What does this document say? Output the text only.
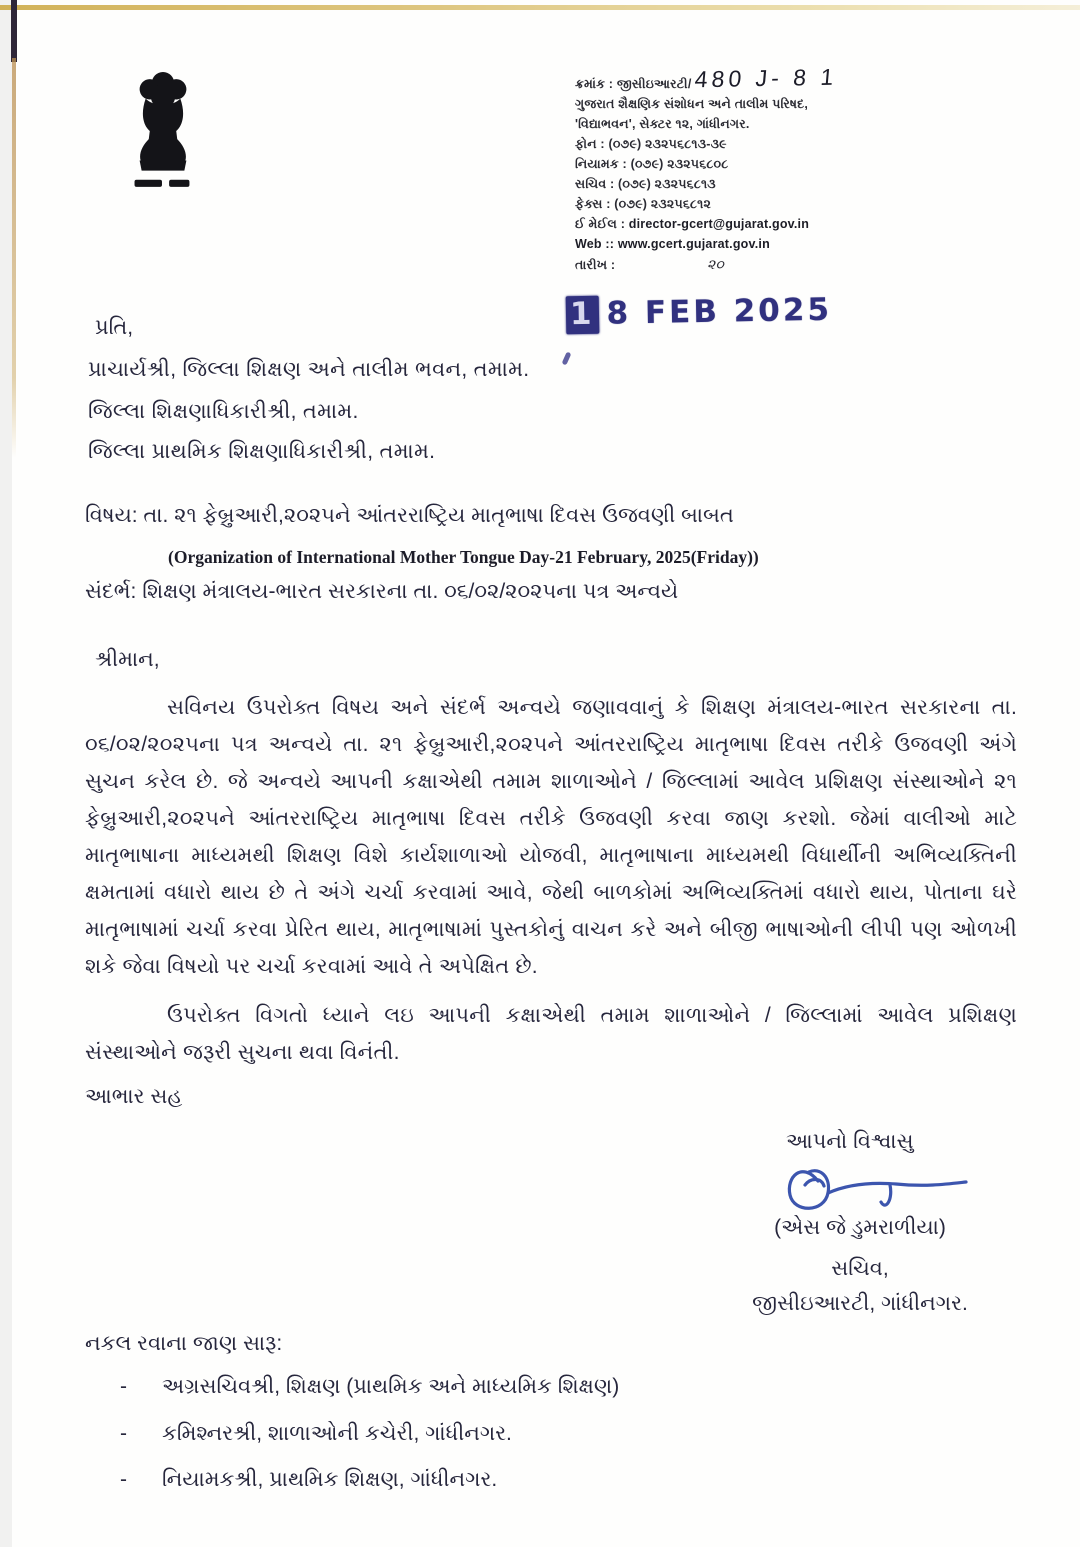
ક્રમાંક : જીસીઇઆરટી/ 480 J- 8 1
ગુજરાત શૈક્ષણિક સંશોધન અને તાલીમ પરિષદ,
'વિદ્યાભવન', સેક્ટર ૧૨, ગાંધીનગર.
ફોન : (૦૭૯) ૨૩૨૫૬૮૧૩-૩૯
નિયામક : (૦૭૯) ૨૩૨૫૬૮૦૮
સચિવ : (૦૭૯) ૨૩૨૫૬૮૧૩
ફેક્સ : (૦૭૯) ૨૩૨૫૬૮૧૨
ઈ મેઈલ : director-gcert@gujarat.gov.in
Web :: www.gcert.gujarat.gov.in
તારીખ :	૨૦
1 8 FEB 2025
પ્રતિ,
પ્રાચાર્યશ્રી, જિલ્લા શિક્ષણ અને તાલીમ ભવન, તમામ.
જિલ્લા શિક્ષણાધિકારીશ્રી, તમામ.
જિલ્લા પ્રાથમિક શિક્ષણાધિકારીશ્રી, તમામ.
વિષય: તા. ૨૧ ફેબ્રુઆરી,૨૦૨૫ને આંતરરાષ્ટ્રિય માતૃભાષા દિવસ ઉજવણી બાબત
(Organization of International Mother Tongue Day-21 February, 2025(Friday))
સંદર્ભ: શિક્ષણ મંત્રાલય-ભારત સરકારના તા. ૦૬/૦૨/૨૦૨૫ના પત્ર અન્વયે
શ્રીમાન,
સવિનય ઉપરોક્ત વિષય અને સંદર્ભ અન્વયે જણાવવાનું કે શિક્ષણ મંત્રાલય-ભારત સરકારના તા. ૦૬/૦૨/૨૦૨૫ના પત્ર અન્વયે તા. ૨૧ ફેબ્રુઆરી,૨૦૨૫ને આંતરરાષ્ટ્રિય માતૃભાષા દિવસ તરીકે ઉજવણી અંગે સુચન કરેલ છે. જે અન્વયે આપની કક્ષાએથી તમામ શાળાઓને / જિલ્લામાં આવેલ પ્રશિક્ષણ સંસ્થાઓને ૨૧ ફેબ્રુઆરી,૨૦૨૫ને આંતરરાષ્ટ્રિય માતૃભાષા દિવસ તરીકે ઉજવણી કરવા જાણ કરશો. જેમાં વાલીઓ માટે માતૃભાષાના માધ્યમથી શિક્ષણ વિશે કાર્યશાળાઓ યોજવી, માતૃભાષાના માધ્યમથી વિધાર્થીની અભિવ્યક્તિની ક્ષમતામાં વધારો થાય છે તે અંગે ચર્ચા કરવામાં આવે, જેથી બાળકોમાં અભિવ્યક્તિમાં વધારો થાય, પોતાના ઘરે માતૃભાષામાં ચર્ચા કરવા પ્રેરિત થાય, માતૃભાષામાં પુસ્તકોનું વાચન કરે અને બીજી ભાષાઓની લીપી પણ ઓળખી શકે જેવા વિષયો પર ચર્ચા કરવામાં આવે તે અપેક્ષિત છે.
ઉપરોક્ત વિગતો ધ્યાને લઇ આપની કક્ષાએથી તમામ શાળાઓને / જિલ્લામાં આવેલ પ્રશિક્ષણ સંસ્થાઓને જરૂરી સુચના થવા વિનંતી.
આભાર સહ
આપનો વિશ્વાસુ
(એસ જે ડુમરાળીયા)
સચિવ,
જીસીઇઆરટી, ગાંધીનગર.
નકલ રવાના જાણ સારૂ:
- અગ્રસચિવશ્રી, શિક્ષણ (પ્રાથમિક અને માધ્યમિક શિક્ષણ)
- કમિશ્નરશ્રી, શાળાઓની કચેરી, ગાંધીનગર.
- નિયામકશ્રી, પ્રાથમિક શિક્ષણ, ગાંધીનગર.
